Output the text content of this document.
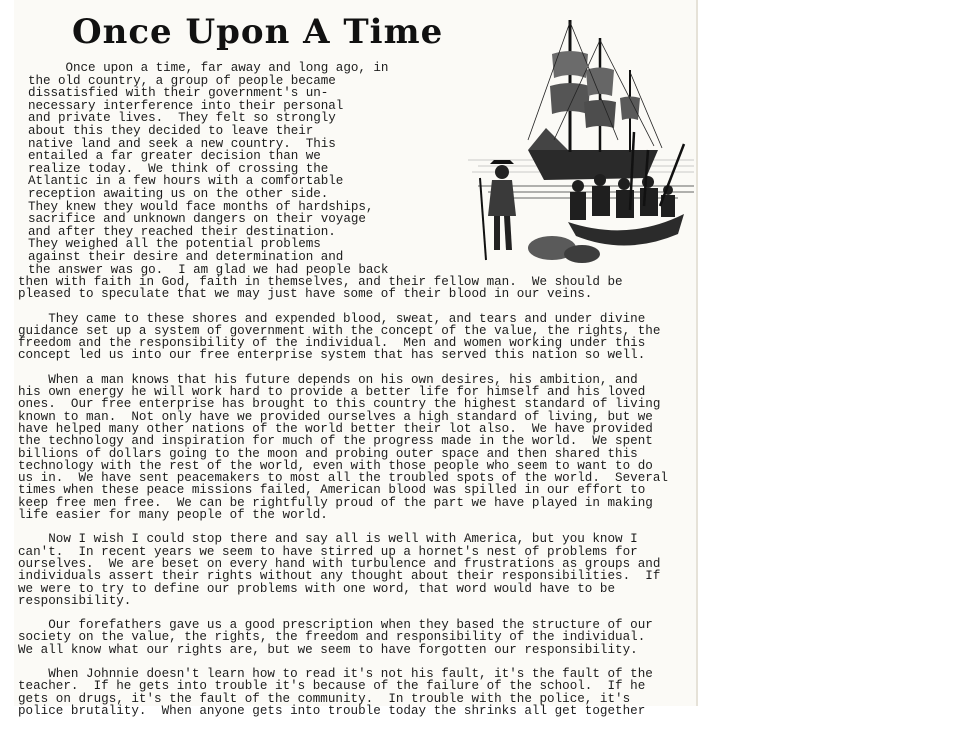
Once Upon A Time
Once upon a time, far away and long ago, in
the old country, a group of people became
dissatisfied with their government's un-
necessary interference into their personal
and private lives.  They felt so strongly
about this they decided to leave their
native land and seek a new country.  This
entailed a far greater decision than we
realize today.  We think of crossing the
Atlantic in a few hours with a comfortable
reception awaiting us on the other side.
They knew they would face months of hardships,
sacrifice and unknown dangers on their voyage
and after they reached their destination.
They weighed all the potential problems
against their desire and determination and
the answer was go.  I am glad we had people back
then with faith in God, faith in themselves, and their fellow man.  We should be
pleased to speculate that we may just have some of their blood in our veins.
They came to these shores and expended blood, sweat, and tears and under divine
guidance set up a system of government with the concept of the value, the rights, the
freedom and the responsibility of the individual.  Men and women working under this
concept led us into our free enterprise system that has served this nation so well.
When a man knows that his future depends on his own desires, his ambition, and
his own energy he will work hard to provide a better life for himself and his loved
ones.  Our free enterprise has brought to this country the highest standard of living
known to man.  Not only have we provided ourselves a high standard of living, but we
have helped many other nations of the world better their lot also.  We have provided
the technology and inspiration for much of the progress made in the world.  We spent
billions of dollars going to the moon and probing outer space and then shared this
technology with the rest of the world, even with those people who seem to want to do
us in.  We have sent peacemakers to most all the troubled spots of the world.  Several
times when these peace missions failed, American blood was spilled in our effort to
keep free men free.  We can be rightfully proud of the part we have played in making
life easier for many people of the world.
Now I wish I could stop there and say all is well with America, but you know I
can't.  In recent years we seem to have stirred up a hornet's nest of problems for
ourselves.  We are beset on every hand with turbulence and frustrations as groups and
individuals assert their rights without any thought about their responsibilities.  If
we were to try to define our problems with one word, that word would have to be
responsibility.
Our forefathers gave us a good prescription when they based the structure of our
society on the value, the rights, the freedom and responsibility of the individual.
We all know what our rights are, but we seem to have forgotten our responsibility.
When Johnnie doesn't learn how to read it's not his fault, it's the fault of the
teacher.  If he gets into trouble it's because of the failure of the school.  If he
gets on drugs, it's the fault of the community.  In trouble with the police, it's
police brutality.  When anyone gets into trouble today the shrinks all get together
